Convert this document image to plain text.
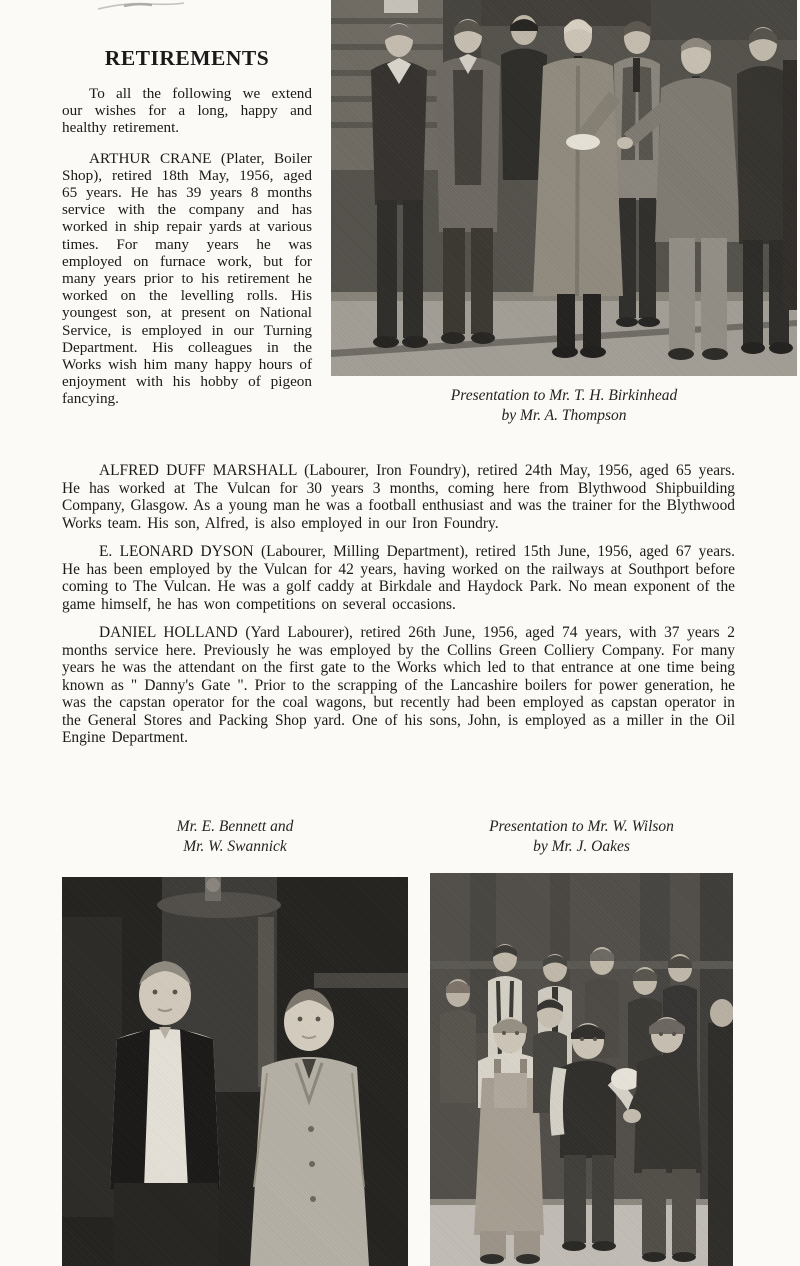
RETIREMENTS

To all the following we extend our wishes for a long, happy and healthy retirement.

ARTHUR CRANE (Plater, Boiler Shop), retired 18th May, 1956, aged 65 years. He has 39 years 8 months service with the company and has worked in ship repair yards at various times. For many years he was employed on furnace work, but for many years prior to his retirement he worked on the levelling rolls. His youngest son, at present on National Service, is employed in our Turning Department. His colleagues in the Works wish him many happy hours of enjoyment with his hobby of pigeon fancying.	Presentation to Mr. T. H. Birkinhead
by Mr. A. Thompson

ALFRED DUFF MARSHALL (Labourer, Iron Foundry), retired 24th May, 1956, aged 65 years. He has worked at The Vulcan for 30 years 3 months, coming here from Blythwood Shipbuilding Company, Glasgow. As a young man he was a football enthusiast and was the trainer for the Blythwood Works team. His son, Alfred, is also employed in our Iron Foundry.

E. LEONARD DYSON (Labourer, Milling Department), retired 15th June, 1956, aged 67 years. He has been employed by the Vulcan for 42 years, having worked on the railways at Southport before coming to The Vulcan. He was a golf caddy at Birkdale and Haydock Park. No mean exponent of the game himself, he has won competitions on several occasions.

DANIEL HOLLAND (Yard Labourer), retired 26th June, 1956, aged 74 years, with 37 years 2 months service here. Previously he was employed by the Collins Green Colliery Company. For many years he was the attendant on the first gate to the Works which led to that entrance at one time being known as " Danny's Gate ". Prior to the scrapping of the Lancashire boilers for power generation, he was the capstan operator for the coal wagons, but recently had been employed as capstan operator in the General Stores and Packing Shop yard. One of his sons, John, is employed as a miller in the Oil Engine Department.

Mr. E. Bennett and
Mr. W. Swannick
Presentation to Mr. W. Wilson
by Mr. J. Oakes
